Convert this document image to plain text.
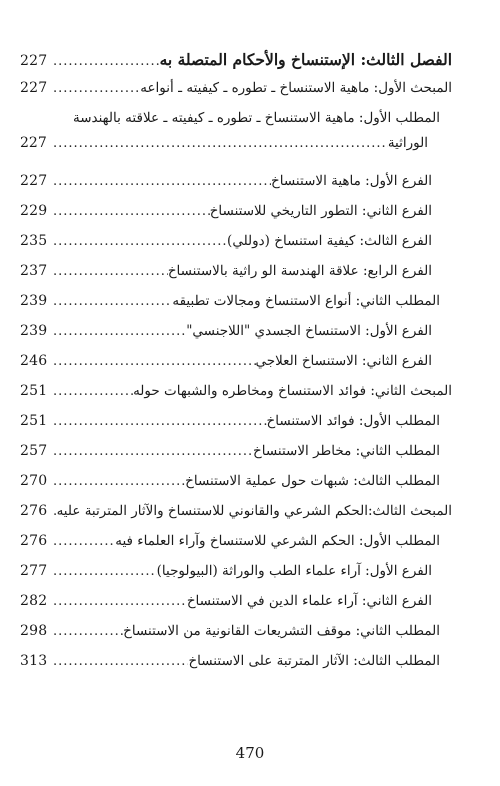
227 .....	الفصل الثالث: الإستنساخ والأحكام المتصلة به
227 .....	المبحث الأول: ماهية الاستنساخ ـ تطوره ـ كيفيته ـ أنواعه
المطلب الأول: ماهية الاستنساخ ـ تطوره ـ كيفيته ـ علاقته بالهندسة
227 .....	الوراثية
227 .....	الفرع الأول: ماهية الاستنساخ
229 .....	الفرع الثاني: التطور التاريخي للاستنساخ
235 .....	الفرع الثالث: كيفية استنساخ (دوللي)
237 .....	الفرع الرابع: علاقة الهندسة الو راثية بالاستنساخ
239 .....	المطلب الثاني: أنواع الاستنساخ ومجالات تطبيقه
239 .....	الفرع الأول: الاستنساخ الجسدي "اللاجنسي"
246 .....	الفرع الثاني: الاستنساخ العلاجي
251 .....	المبحث الثاني: فوائد الاستنساخ ومخاطره والشبهات حوله
251 .....	المطلب الأول: فوائد الاستنساخ
257 .....	المطلب الثاني: مخاطر الاستنساخ
270 .....	المطلب الثالث: شبهات حول عملية الاستنساخ
276 ..... المبحث الثالث:الحكم الشرعي والقانوني للاستنساخ والآثار المترتبة عليه
276 .....	المطلب الأول: الحكم الشرعي للاستنساخ وآراء العلماء فيه
277 .....	الفرع الأول: آراء علماء الطب والوراثة (البيولوجيا)
282 .....	الفرع الثاني: آراء علماء الدين في الاستنساخ
298 .....	المطلب الثاني: موقف التشريعات القانونية من الاستنساخ
313 .....	المطلب الثالث: الآثار المترتبة على الاستنساخ
470
